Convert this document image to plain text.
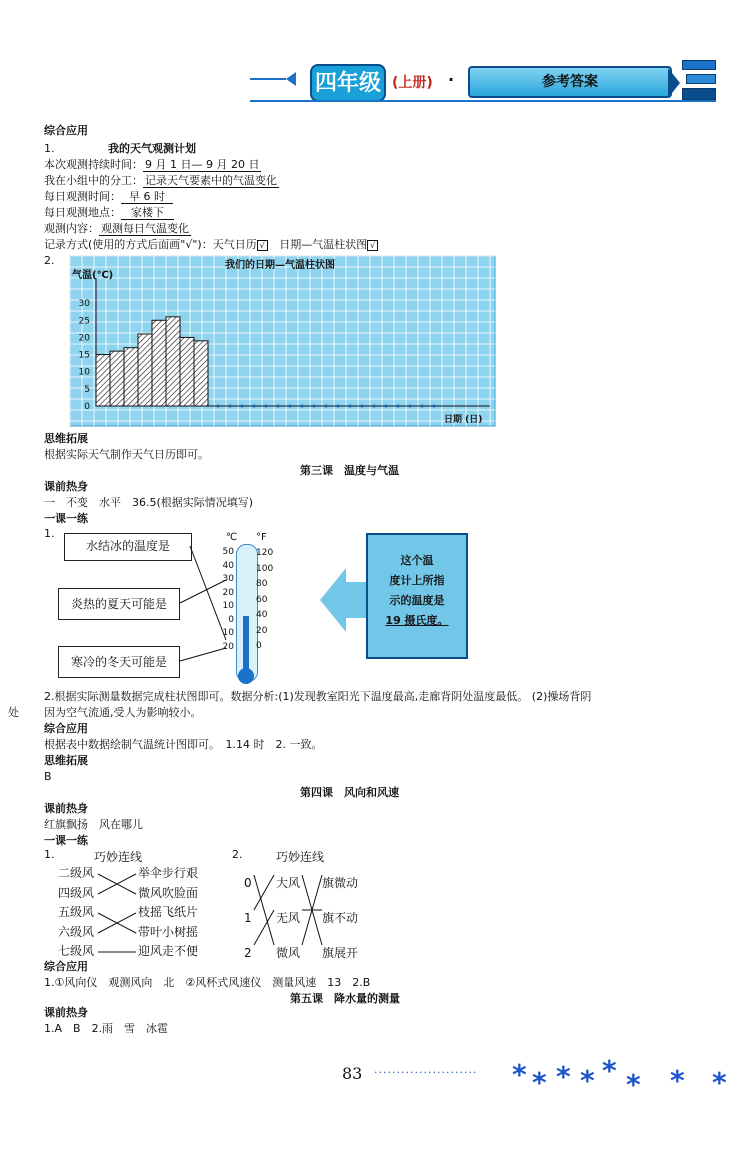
四年级 (上册) ·	参考答案
综合应用
1.	我的天气观测计划
本次观测持续时间： 9 月 1 日— 9 月 20 日
我在小组中的分工： 记录天气要素中的气温变化
每日观测时间： 早 6 时
每日观测地点： 家楼下
观测内容： 观测每日气温变化
记录方式(使用的方式后面画"√")：天气日历 √ 日期—气温柱状图 √
2.
0
5
10
15
20
25
30
我们的日期—气温柱状图
气温(℃)
日期 (日)
思维拓展
根据实际天气制作天气日历即可。
第三课　温度与气温
课前热身
一　不变　水平　36.5(根据实际情况填写)
一课一练
1.
水结冰的温度是
炎热的夏天可能是
寒冷的冬天可能是
℃ °F
50
40
30
20
10
0
10
20
120
100
80
60
40
20
0
这个温
度计上所指
示的温度是
19 摄氏度。
2.根据实际测量数据完成柱状图即可。数据分析:(1)发现教室阳光下温度最高,走廊背阴处温度最低。 (2)操场背阴
处 因为空气流通,受人为影响较小。
综合应用
根据表中数据绘制气温统计图即可。　1.14 时　2. 一致。
思维拓展
B
第四课　风向和风速
课前热身
红旗飘扬　风在哪儿
一课一练
1.	巧妙连线
二级风
四级风
五级风
六级风
七级风
举伞步行艰
微风吹脸面
枝摇飞纸片
带叶小树摇
迎风走不便
2.	巧妙连线
0
1
2
大风
无风
微风
旗微动
旗不动
旗展开
综合应用
1.①风向仪　观测风向　北　②风杯式风速仪　测量风速　13　2.B
第五课　降水量的测量
课前热身
1.A　B　2.雨　雪　冰雹
83 ······················· * * * * * * * *
